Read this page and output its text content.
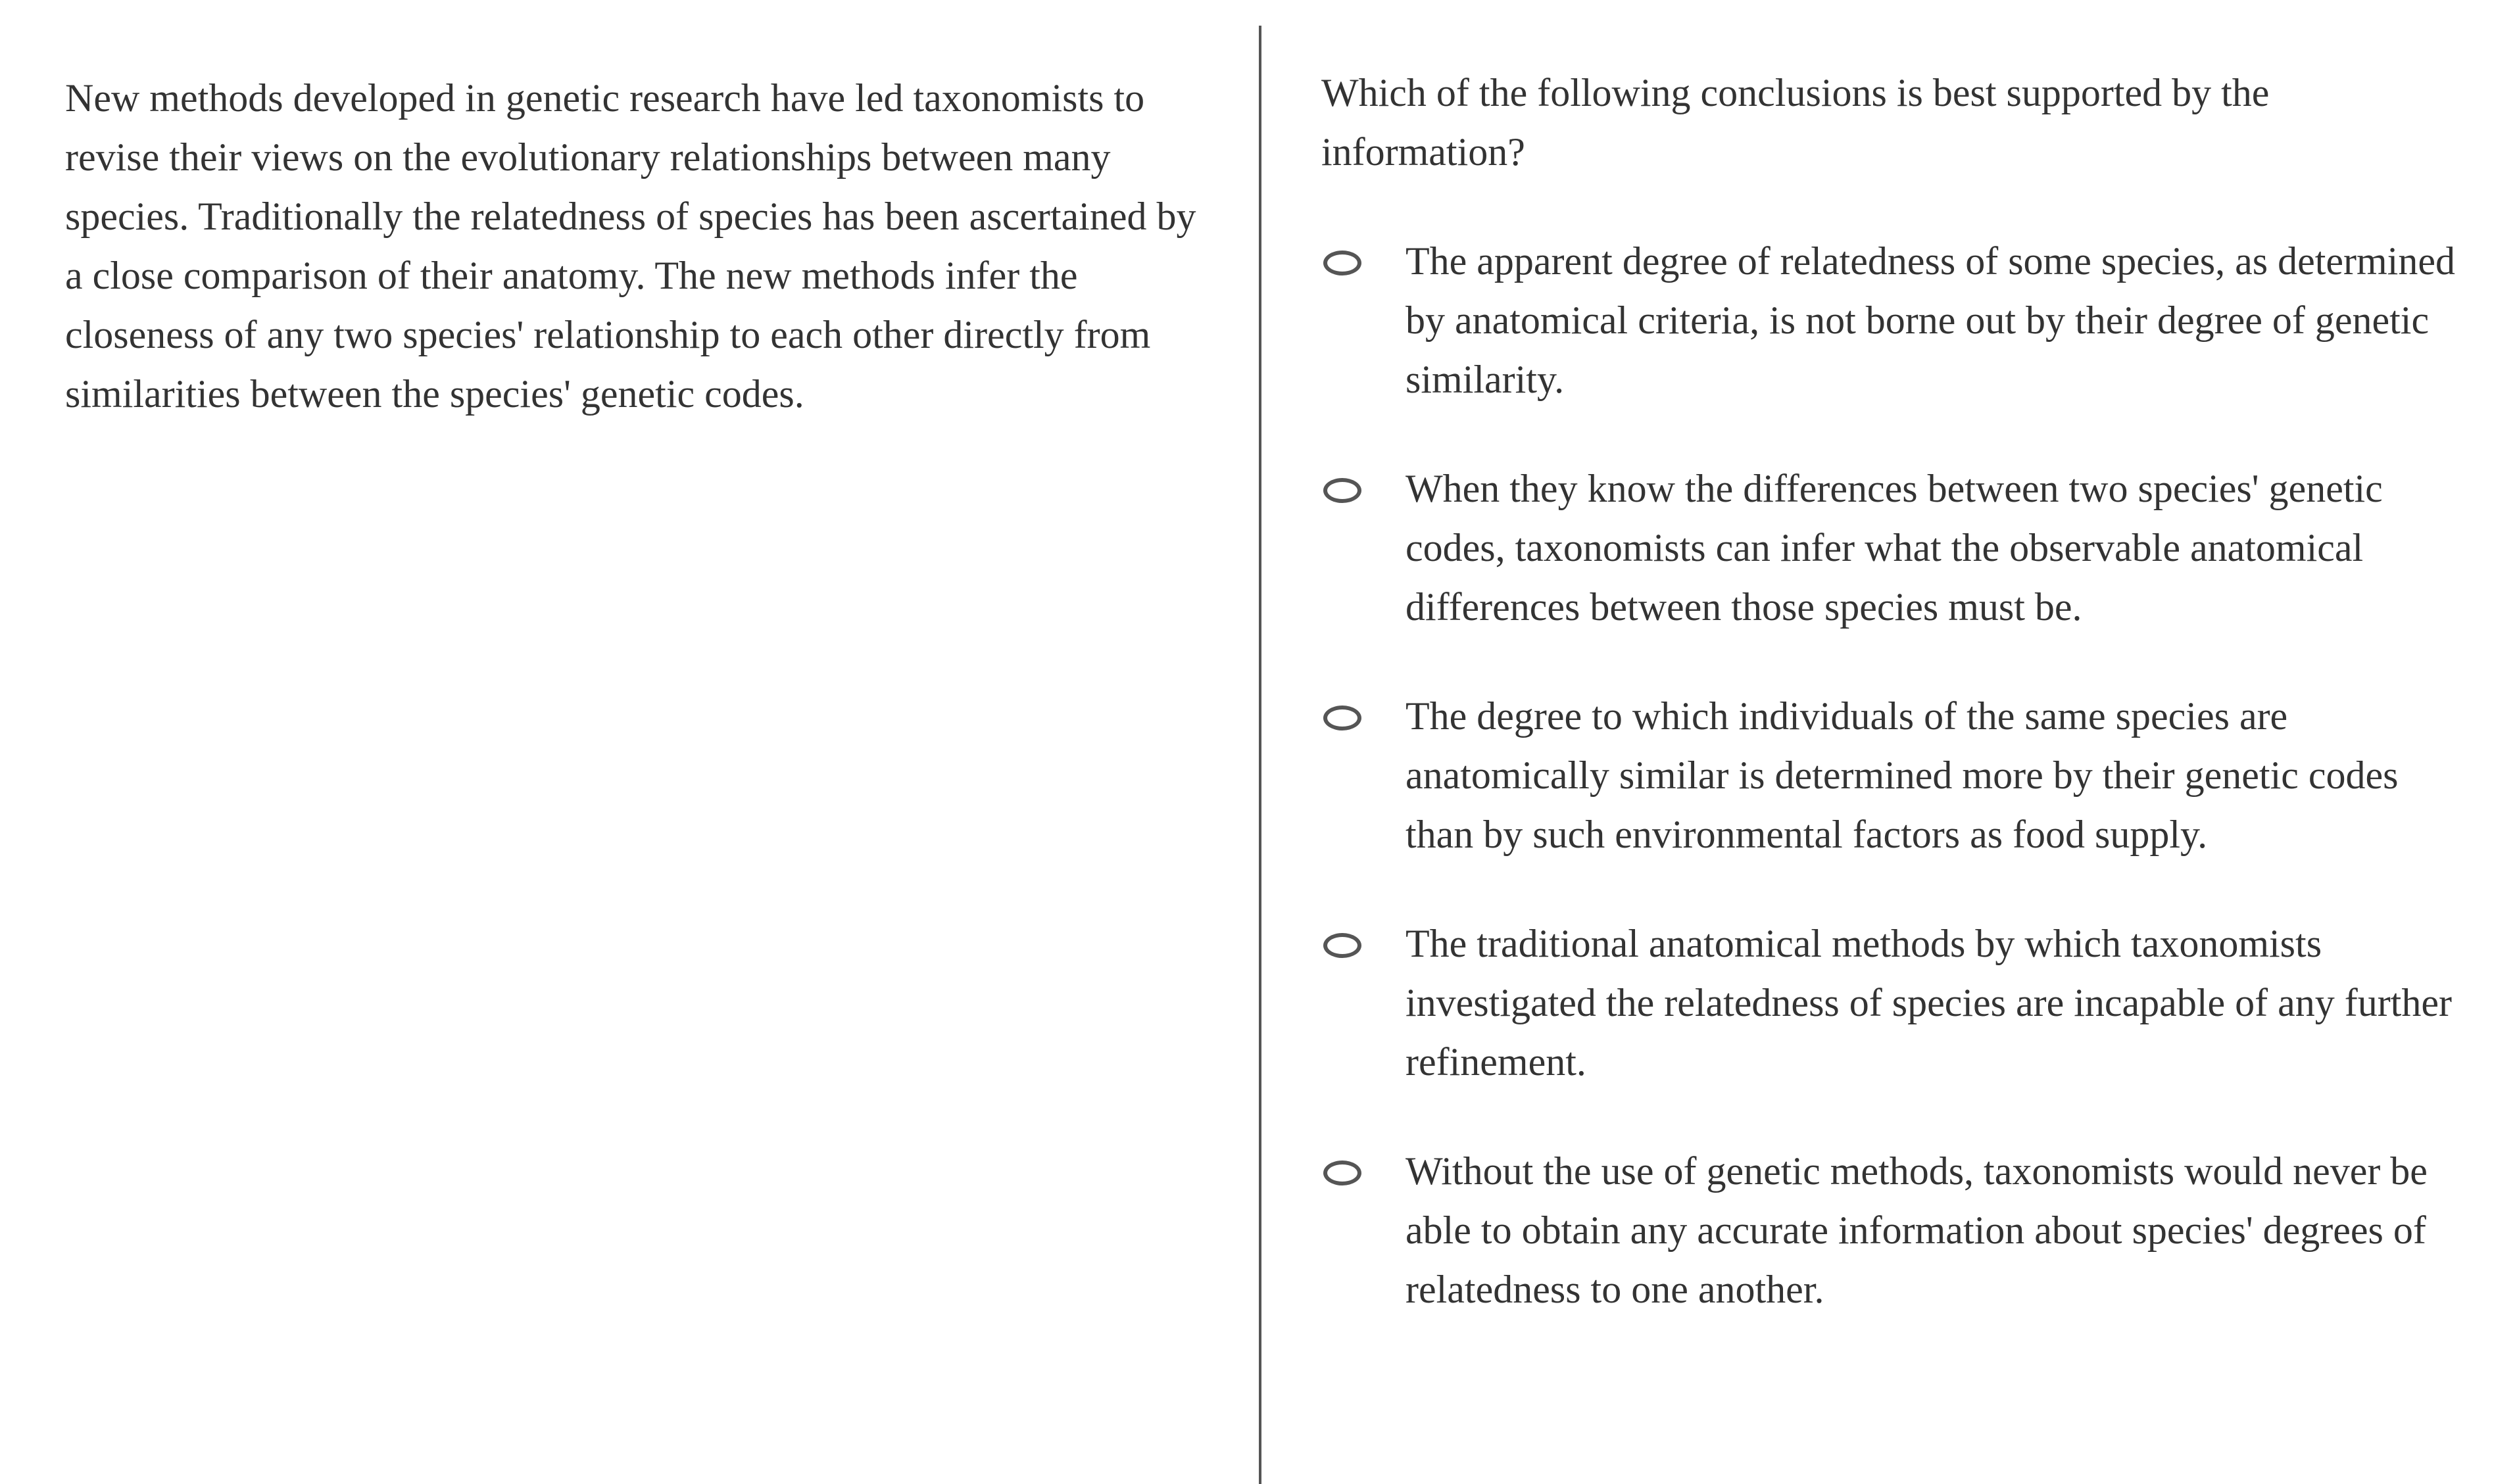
New methods developed in genetic research have led taxonomists to revise their views on the evolutionary relationships between many species. Traditionally the relatedness of species has been ascertained by a close comparison of their anatomy. The new methods infer the closeness of any two species' relationship to each other directly from similarities between the species' genetic codes.

Which of the following conclusions is best supported by the information?

The apparent degree of relatedness of some species, as determined by anatomical criteria, is not borne out by their degree of genetic similarity.
When they know the differences between two species' genetic codes, taxonomists can infer what the observable anatomical differences between those species must be.
The degree to which individuals of the same species are anatomically similar is determined more by their genetic codes than by such environmental factors as food supply.
The traditional anatomical methods by which taxonomists investigated the relatedness of species are incapable of any further refinement.
Without the use of genetic methods, taxonomists would never be able to obtain any accurate information about species' degrees of relatedness to one another.
